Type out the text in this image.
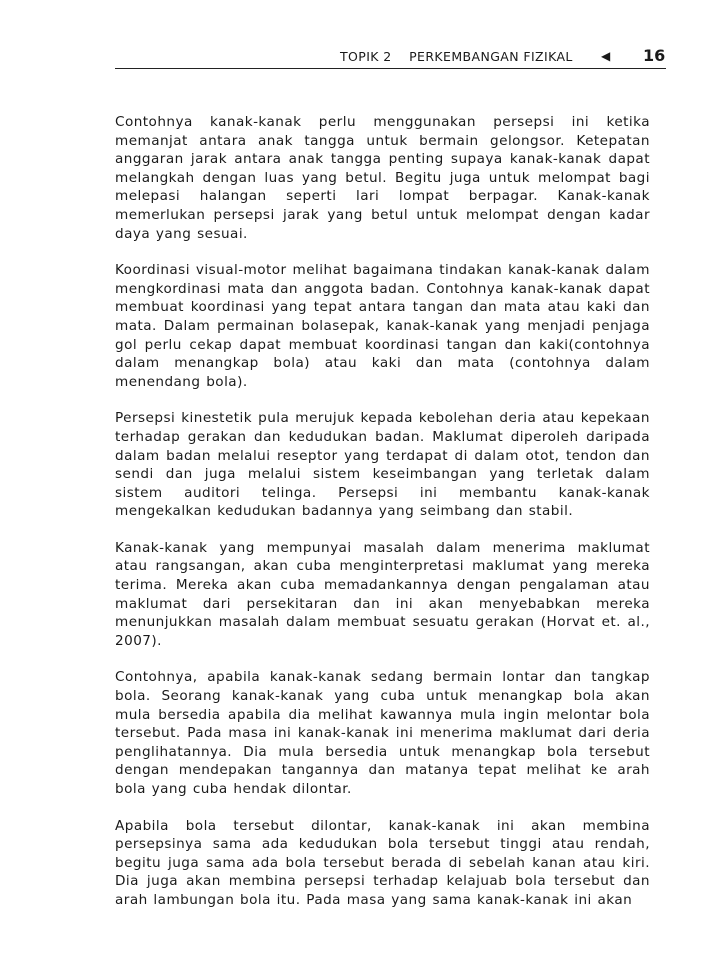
TOPIK 2    PERKEMBANGAN FIZIKAL ◀ 16

Contohnya kanak-kanak perlu menggunakan persepsi ini ketika memanjat antara anak tangga untuk bermain gelongsor. Ketepatan anggaran jarak antara anak tangga penting supaya kanak-kanak dapat melangkah dengan luas yang betul. Begitu juga untuk melompat bagi melepasi halangan seperti lari lompat berpagar. Kanak-kanak memerlukan persepsi jarak yang betul untuk melompat dengan kadar daya yang sesuai.

Koordinasi visual-motor melihat bagaimana tindakan kanak-kanak dalam mengkordinasi mata dan anggota badan. Contohnya kanak-kanak dapat membuat koordinasi yang tepat antara tangan dan mata atau kaki dan mata. Dalam permainan bolasepak, kanak-kanak yang menjadi penjaga gol perlu cekap dapat membuat koordinasi tangan dan kaki(contohnya dalam menangkap bola) atau kaki dan mata (contohnya dalam menendang bola).

Persepsi kinestetik pula merujuk kepada kebolehan deria atau kepekaan terhadap gerakan dan kedudukan badan. Maklumat diperoleh daripada dalam badan melalui reseptor yang terdapat di dalam otot, tendon dan sendi dan juga melalui sistem keseimbangan yang terletak dalam sistem auditori telinga. Persepsi ini membantu kanak-kanak mengekalkan kedudukan badannya yang seimbang dan stabil.

Kanak-kanak yang mempunyai masalah dalam menerima maklumat atau rangsangan, akan cuba menginterpretasi maklumat yang mereka terima. Mereka akan cuba memadankannya dengan pengalaman atau maklumat dari persekitaran dan ini akan menyebabkan mereka menunjukkan masalah dalam membuat sesuatu gerakan (Horvat et. al., 2007).

Contohnya, apabila kanak-kanak sedang bermain lontar dan tangkap bola. Seorang kanak-kanak yang cuba untuk menangkap bola akan mula bersedia apabila dia melihat kawannya mula ingin melontar bola tersebut. Pada masa ini kanak-kanak ini menerima maklumat dari deria penglihatannya. Dia mula bersedia untuk menangkap bola tersebut dengan mendepakan tangannya dan matanya tepat melihat ke arah bola yang cuba hendak dilontar.

Apabila bola tersebut dilontar, kanak-kanak ini akan membina persepsinya sama ada kedudukan bola tersebut tinggi atau rendah, begitu juga sama ada bola tersebut berada di sebelah kanan atau kiri. Dia juga akan membina persepsi terhadap kelajuab bola tersebut dan arah lambungan bola itu. Pada masa yang sama kanak-kanak ini akan
